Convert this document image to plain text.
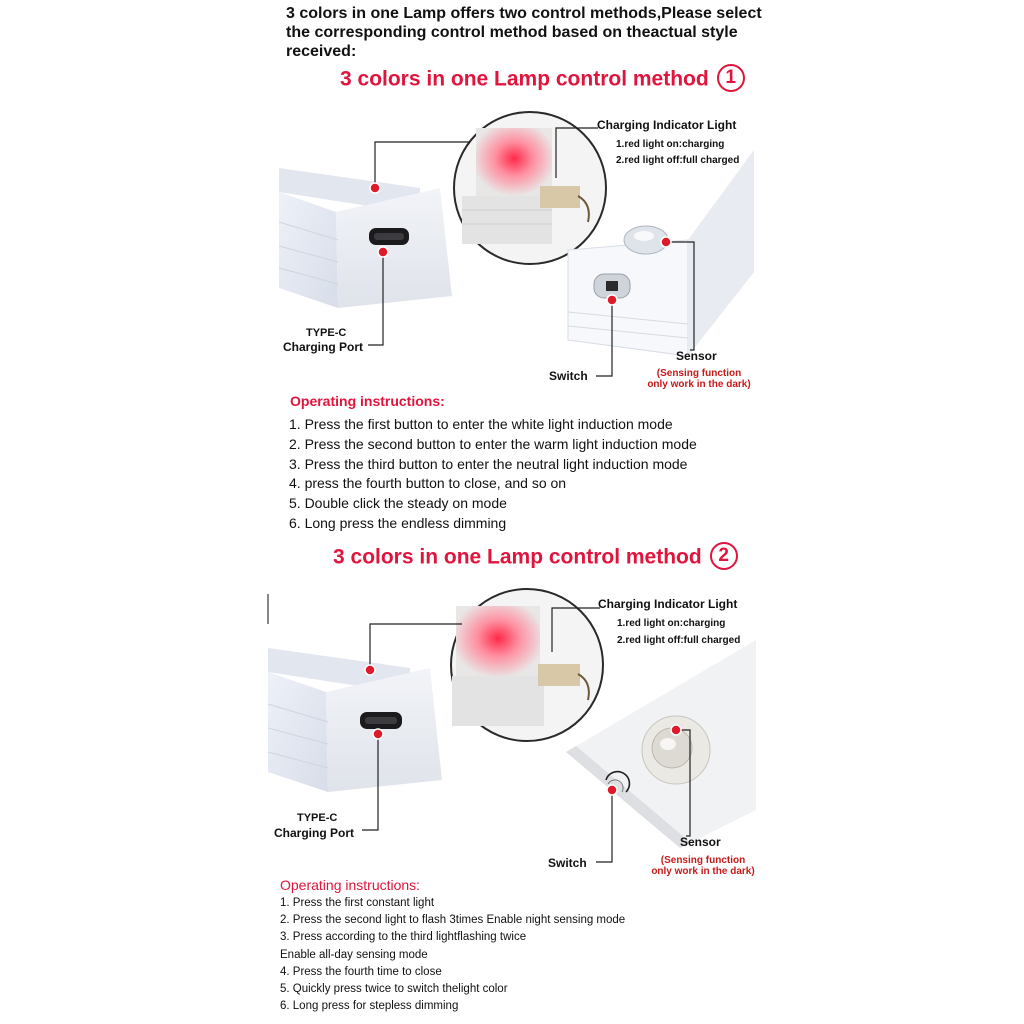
3 colors in one Lamp offers two control methods,Please select the corresponding control method based on theactual style received:
3 colors in one Lamp control method 1
Charging Indicator Light
1.red light on:charging
2.red light off:full charged
TYPE-C
Charging Port
Sensor
Switch	(Sensing function
only work in the dark)
Operating instructions:
1. Press the first button to enter the white light induction mode
2. Press the second button to enter the warm light induction mode
3. Press the third button to enter the neutral light induction mode
4. press the fourth button to close, and so on
5. Double click the steady on mode
6. Long press the endless dimming
3 colors in one Lamp control method 2
Charging Indicator Light
1.red light on:charging
2.red light off:full charged
TYPE-C
Charging Port
Sensor
Switch	(Sensing function
only work in the dark)
Operating instructions:
1. Press the first constant light
2. Press the second light to flash 3times Enable night sensing mode
3. Press according to the third lightflashing twice
Enable all-day sensing mode
4. Press the fourth time to close
5. Quickly press twice to switch thelight color
6. Long press for stepless dimming
